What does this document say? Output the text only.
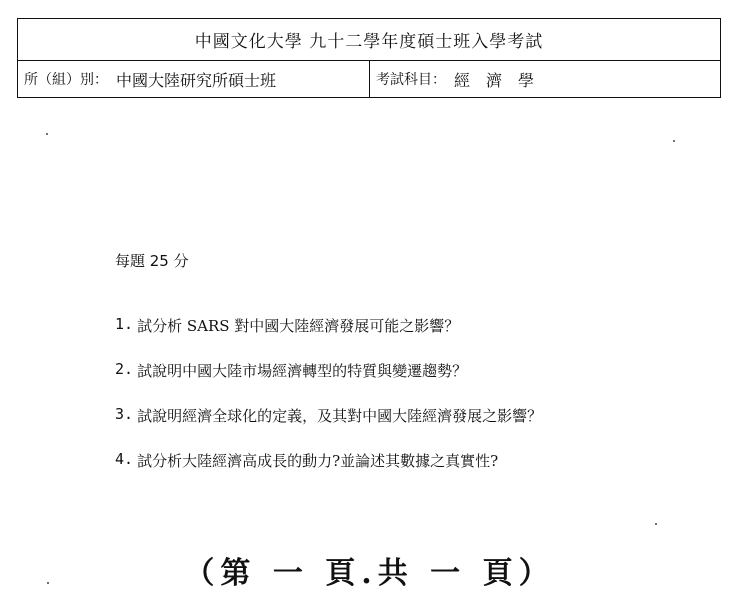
中國文化大學 九十二學年度碩士班入學考試
所（組）別： 中國大陸研究所碩士班	考試科目： 經　濟　學
每題 25 分
1. 試分析 SARS 對中國大陸經濟發展可能之影響？
2. 試說明中國大陸市場經濟轉型的特質與變遷趨勢？
3. 試說明經濟全球化的定義，及其對中國大陸經濟發展之影響？
4. 試分析大陸經濟高成長的動力?並論述其數據之真實性?
（第 一 頁.共 一 頁）
